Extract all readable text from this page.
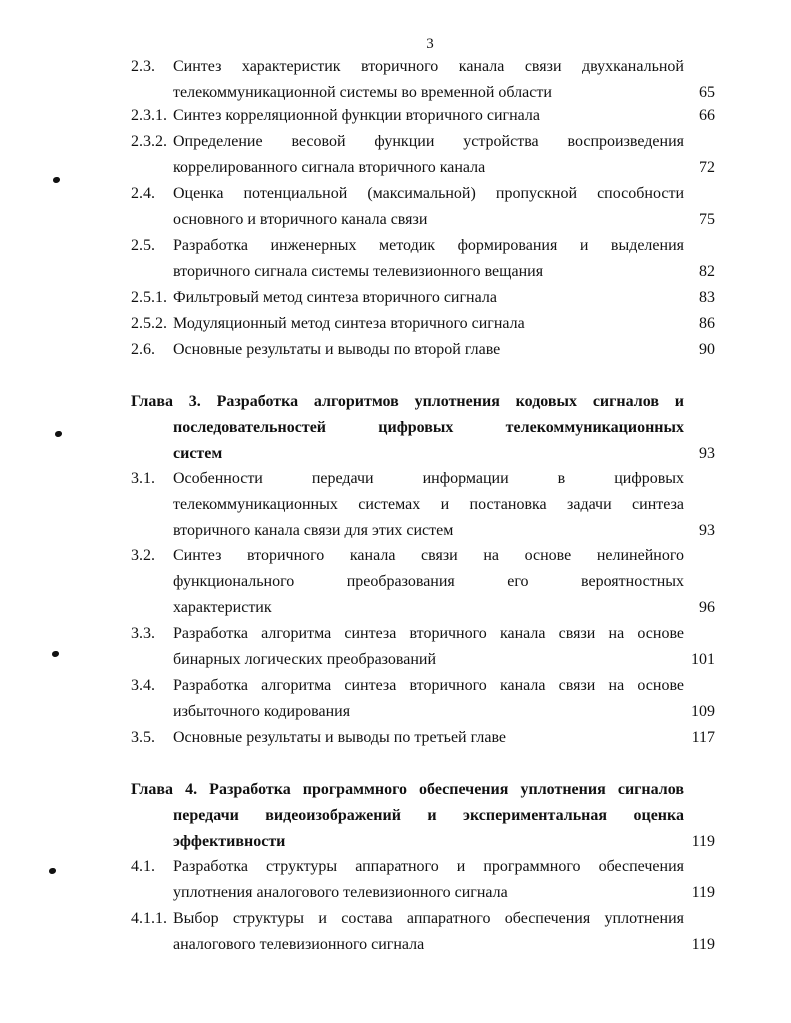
3
2.3. Синтез характеристик вторичного канала связи двухканальной
телекоммуникационной системы во временной области	65
2.3.1. Синтез корреляционной функции вторичного сигнала	66
2.3.2. Определение весовой функции устройства воспроизведения
коррелированного сигнала вторичного канала	72
2.4. Оценка потенциальной (максимальной) пропускной способности
основного и вторичного канала связи	75
2.5. Разработка инженерных методик формирования и выделения
вторичного сигнала системы телевизионного вещания	82
2.5.1. Фильтровый метод синтеза вторичного сигнала	83
2.5.2. Модуляционный метод синтеза вторичного сигнала	86
2.6. Основные результаты и выводы по второй главе	90
Глава 3. Разработка алгоритмов уплотнения кодовых сигналов и
последовательностей цифровых телекоммуникационных
систем	93
3.1. Особенности передачи информации в цифровых
телекоммуникационных системах и постановка задачи синтеза
вторичного канала связи для этих систем	93
3.2. Синтез вторичного канала связи на основе нелинейного
функционального преобразования его вероятностных
характеристик	96
3.3. Разработка алгоритма синтеза вторичного канала связи на основе
бинарных логических преобразований	101
3.4. Разработка алгоритма синтеза вторичного канала связи на основе
избыточного кодирования	109
3.5. Основные результаты и выводы по третьей главе	117
Глава 4. Разработка программного обеспечения уплотнения сигналов
передачи видеоизображений и экспериментальная оценка
эффективности	119
4.1. Разработка структуры аппаратного и программного обеспечения
уплотнения аналогового телевизионного сигнала	119
4.1.1. Выбор структуры и состава аппаратного обеспечения уплотнения
аналогового телевизионного сигнала	119
